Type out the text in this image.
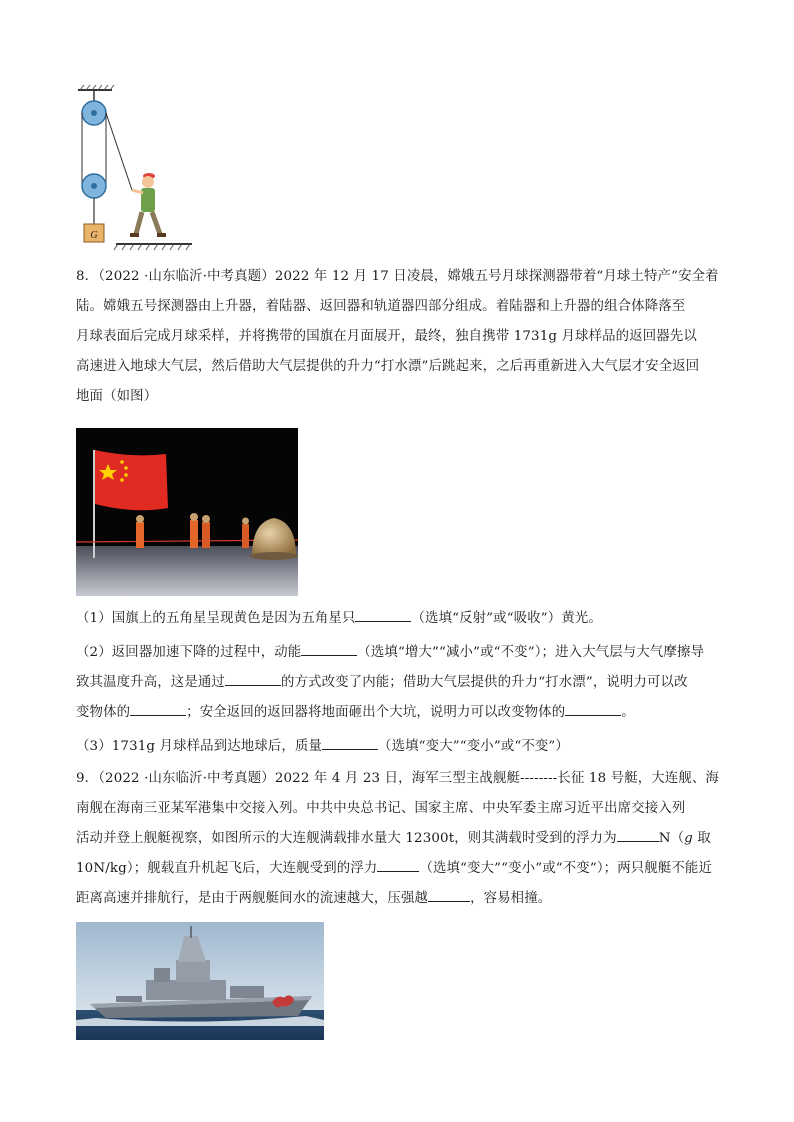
G

8．（2022 ·山东临沂·中考真题）2022 年 12 月 17 日凌晨，嫦娥五号月球探测器带着“月球土特产”安全着

陆。嫦娥五号探测器由上升器，着陆器、返回器和轨道器四部分组成。着陆器和上升器的组合体降落至

月球表面后完成月球采样，并将携带的国旗在月面展开，最终，独自携带 1731g 月球样品的返回器先以

高速进入地球大气层，然后借助大气层提供的升力“打水漂”后跳起来，之后再重新进入大气层才安全返回

地面（如图）

（1）国旗上的五角星呈现黄色是因为五角星只	（选填“反射”或“吸收”）黄光。

（2）返回器加速下降的过程中，动能	（选填“增大”“减小”或“不变”）；进入大气层与大气摩擦导

致其温度升高，这是通过	的方式改变了内能；借助大气层提供的升力“打水漂”，说明力可以改

变物体的	；安全返回的返回器将地面砸出个大坑，说明力可以改变物体的	。

（3）1731g 月球样品到达地球后，质量	（选填“变大”“变小”或“不变”）

9．（2022 ·山东临沂·中考真题）2022 年 4 月 23 日，海军三型主战舰艇--------长征 18 号艇，大连舰、海

南舰在海南三亚某军港集中交接入列。中共中央总书记、国家主席、中央军委主席习近平出席交接入列

活动并登上舰艇视察，如图所示的大连舰满载排水量大 12300t，则其满载时受到的浮力为	N（g 取

10N/kg）；舰载直升机起飞后，大连舰受到的浮力	（选填“变大”“变小”或“不变”）；两只舰艇不能近

距离高速并排航行，是由于两舰艇间水的流速越大，压强越	，容易相撞。
